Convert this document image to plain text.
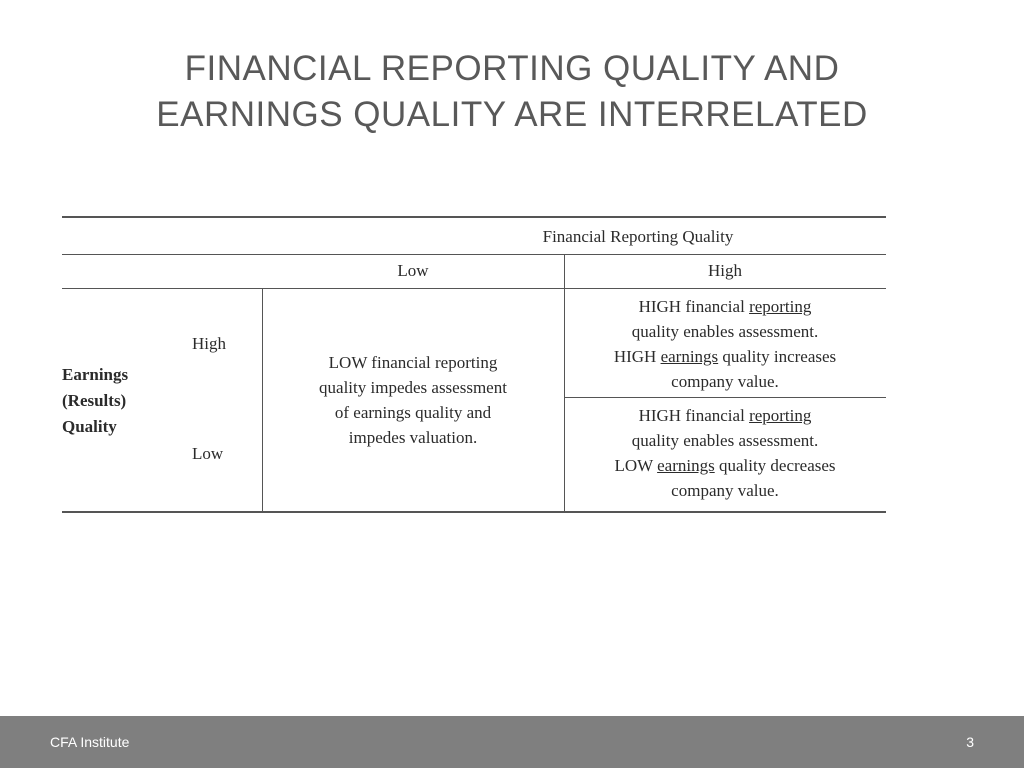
FINANCIAL REPORTING QUALITY AND
EARNINGS QUALITY ARE INTERRELATED
Financial Reporting Quality
Low	High
Earnings
(Results)
Quality
High
Low
LOW financial reporting
quality impedes assessment
of earnings quality and
impedes valuation.
HIGH financial reporting
quality enables assessment.
HIGH earnings quality increases
company value.
HIGH financial reporting
quality enables assessment.
LOW earnings quality decreases
company value.
CFA Institute	3
